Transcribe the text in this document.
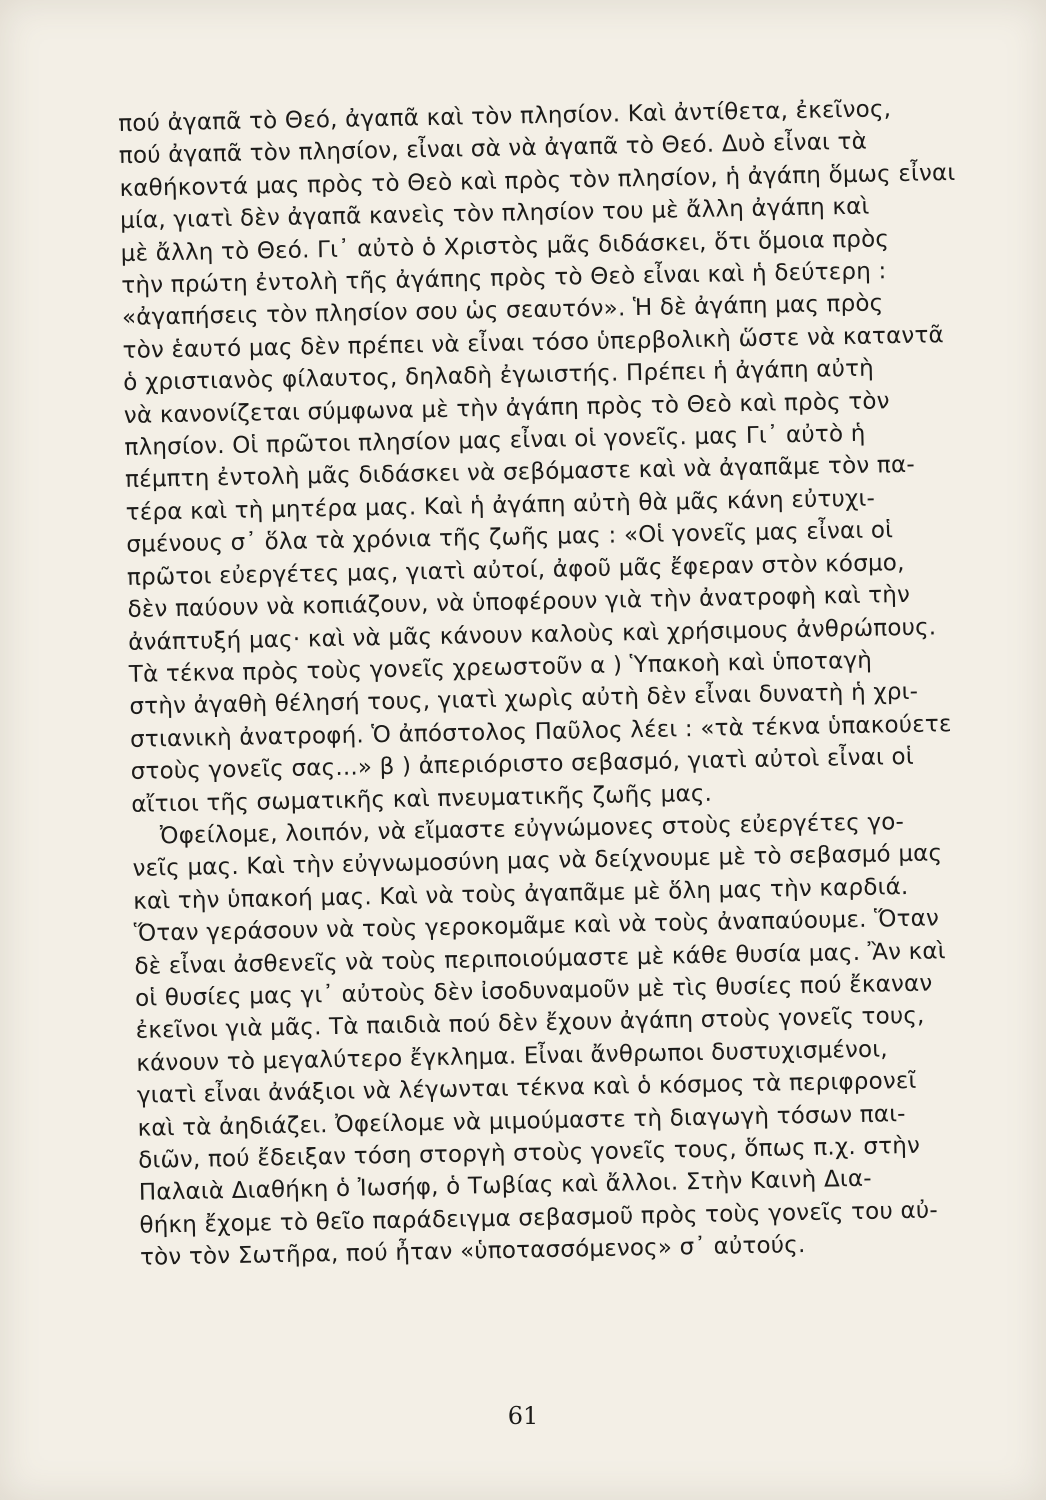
πού ἀγαπᾶ τὸ Θεό, ἀγαπᾶ καὶ τὸν πλησίον. Καὶ ἀντίθετα, ἐκεῖνος,
πού ἀγαπᾶ τὸν πλησίον, εἶναι σὰ νὰ ἀγαπᾶ τὸ Θεό. Δυὸ εἶναι τὰ
καθήκοντά μας πρὸς τὸ Θεὸ καὶ πρὸς τὸν πλησίον, ἡ ἀγάπη ὅμως εἶναι
μία, γιατὶ δὲν ἀγαπᾶ κανεὶς τὸν πλησίον του μὲ ἄλλη ἀγάπη καὶ
μὲ ἄλλη τὸ Θεό. Γι᾿ αὐτὸ ὁ Χριστὸς μᾶς διδάσκει, ὅτι ὅμοια πρὸς
τὴν πρώτη ἐντολὴ τῆς ἀγάπης πρὸς τὸ Θεὸ εἶναι καὶ ἡ δεύτερη :
«ἀγαπήσεις τὸν πλησίον σου ὡς σεαυτόν». Ἡ δὲ ἀγάπη μας πρὸς
τὸν ἑαυτό μας δὲν πρέπει νὰ εἶναι τόσο ὑπερβολικὴ ὥστε νὰ καταντᾶ
ὁ χριστιανὸς φίλαυτος, δηλαδὴ ἐγωιστής. Πρέπει ἡ ἀγάπη αὐτὴ
νὰ κανονίζεται σύμφωνα μὲ τὴν ἀγάπη πρὸς τὸ Θεὸ καὶ πρὸς τὸν
πλησίον. Οἱ πρῶτοι πλησίον μας εἶναι οἱ γονεῖς. μας Γι᾿ αὐτὸ ἡ
πέμπτη ἐντολὴ μᾶς διδάσκει νὰ σεβόμαστε καὶ νὰ ἀγαπᾶμε τὸν πα-
τέρα καὶ τὴ μητέρα μας. Καὶ ἡ ἀγάπη αὐτὴ θὰ μᾶς κάνη εὐτυχι-
σμένους σ᾿ ὅλα τὰ χρόνια τῆς ζωῆς μας : «Οἱ γονεῖς μας εἶναι οἱ
πρῶτοι εὐεργέτες μας, γιατὶ αὐτοί, ἀφοῦ μᾶς ἔφεραν στὸν κόσμο,
δὲν παύουν νὰ κοπιάζουν, νὰ ὑποφέρουν γιὰ τὴν ἀνατροφὴ καὶ τὴν
ἀνάπτυξή μας· καὶ νὰ μᾶς κάνουν καλοὺς καὶ χρήσιμους ἀνθρώπους.
Τὰ τέκνα πρὸς τοὺς γονεῖς χρεωστοῦν α ) Ὑπακοὴ καὶ ὑποταγὴ
στὴν ἀγαθὴ θέλησή τους, γιατὶ χωρὶς αὐτὴ δὲν εἶναι δυνατὴ ἡ χρι-
στιανικὴ ἀνατροφή. Ὁ ἀπόστολος Παῦλος λέει : «τὰ τέκνα ὑπακούετε
στοὺς γονεῖς σας...» β ) ἀπεριόριστο σεβασμό, γιατὶ αὐτοὶ εἶναι οἱ
αἴτιοι τῆς σωματικῆς καὶ πνευματικῆς ζωῆς μας.
Ὀφείλομε, λοιπόν, νὰ εἴμαστε εὐγνώμονες στοὺς εὐεργέτες γο-
νεῖς μας. Καὶ τὴν εὐγνωμοσύνη μας νὰ δείχνουμε μὲ τὸ σεβασμό μας
καὶ τὴν ὑπακοή μας. Καὶ νὰ τοὺς ἀγαπᾶμε μὲ ὅλη μας τὴν καρδιά.
Ὅταν γεράσουν νὰ τοὺς γεροκομᾶμε καὶ νὰ τοὺς ἀναπαύουμε. Ὅταν
δὲ εἶναι ἀσθενεῖς νὰ τοὺς περιποιούμαστε μὲ κάθε θυσία μας. Ἂν καὶ
οἱ θυσίες μας γι᾿ αὐτοὺς δὲν ἰσοδυναμοῦν μὲ τὶς θυσίες πού ἔκαναν
ἐκεῖνοι γιὰ μᾶς. Τὰ παιδιὰ πού δὲν ἔχουν ἀγάπη στοὺς γονεῖς τους,
κάνουν τὸ μεγαλύτερο ἔγκλημα. Εἶναι ἄνθρωποι δυστυχισμένοι,
γιατὶ εἶναι ἀνάξιοι νὰ λέγωνται τέκνα καὶ ὁ κόσμος τὰ περιφρονεῖ
καὶ τὰ ἀηδιάζει. Ὀφείλομε νὰ μιμούμαστε τὴ διαγωγὴ τόσων παι-
διῶν, πού ἔδειξαν τόση στοργὴ στοὺς γονεῖς τους, ὅπως π.χ. στὴν
Παλαιὰ Διαθήκη ὁ Ἰωσήφ, ὁ Τωβίας καὶ ἄλλοι. Στὴν Καινὴ Δια-
θήκη ἔχομε τὸ θεῖο παράδειγμα σεβασμοῦ πρὸς τοὺς γονεῖς του αὐ-
τὸν τὸν Σωτῆρα, πού ἦταν «ὑποτασσόμενος» σ᾿ αὐτούς.
61
